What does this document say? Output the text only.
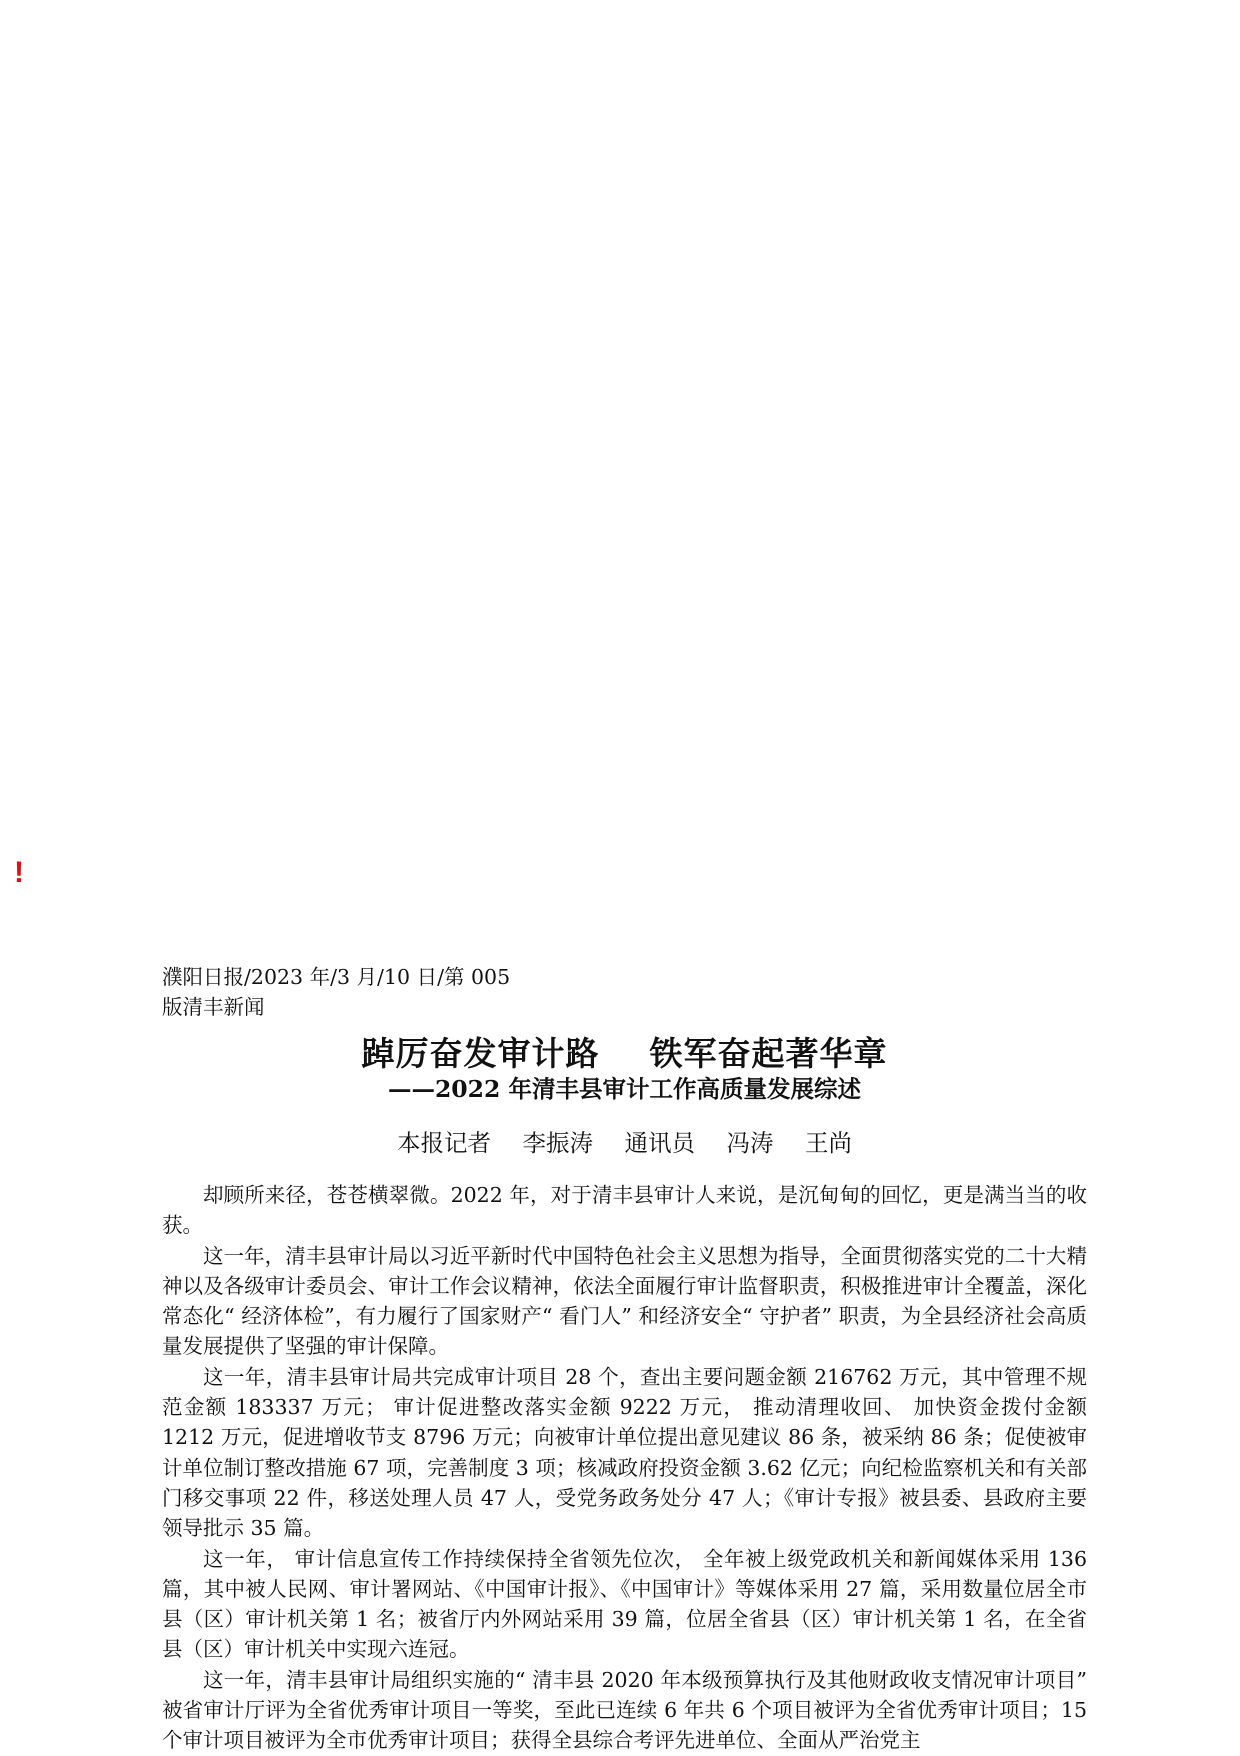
!
濮阳日报/2023 年/3 月/10 日/第 005 版清丰新闻
踔厉奋发审计路    铁军奋起著华章
——2022 年清丰县审计工作高质量发展综述
本报记者 李振涛 通讯员 冯涛 王尚

却顾所来径，苍苍横翠微。2022 年，对于清丰县审计人来说，是沉甸甸的回忆，更是满当当的收获。

这一年，清丰县审计局以习近平新时代中国特色社会主义思想为指导，全面贯彻落实党的二十大精神以及各级审计委员会、审计工作会议精神，依法全面履行审计监督职责，积极推进审计全覆盖，深化常态化“ 经济体检”，有力履行了国家财产“ 看门人” 和经济安全“ 守护者” 职责，为全县经济社会高质量发展提供了坚强的审计保障。

这一年，清丰县审计局共完成审计项目 28 个，查出主要问题金额 216762 万元，其中管理不规范金额 183337 万元； 审计促进整改落实金额 9222 万元， 推动清理收回、 加快资金拨付金额 1212 万元，促进增收节支 8796 万元；向被审计单位提出意见建议 86 条，被采纳 86 条；促使被审计单位制订整改措施 67 项，完善制度 3 项；核减政府投资金额 3.62 亿元；向纪检监察机关和有关部门移交事项 22 件，移送处理人员 47 人，受党务政务处分 47 人；《审计专报》被县委、县政府主要领导批示 35 篇。

这一年， 审计信息宣传工作持续保持全省领先位次， 全年被上级党政机关和新闻媒体采用 136 篇，其中被人民网、审计署网站、《中国审计报》、《中国审计》等媒体采用 27 篇，采用数量位居全市县（区）审计机关第 1 名；被省厅内外网站采用 39 篇，位居全省县（区）审计机关第 1 名，在全省县（区）审计机关中实现六连冠。

这一年，清丰县审计局组织实施的“ 清丰县 2020 年本级预算执行及其他财政收支情况审计项目” 被省审计厅评为全省优秀审计项目一等奖，至此已连续 6 年共 6 个项目被评为全省优秀审计项目；15 个审计项目被评为全市优秀审计项目；获得全县综合考评先进单位、全面从严治党主
